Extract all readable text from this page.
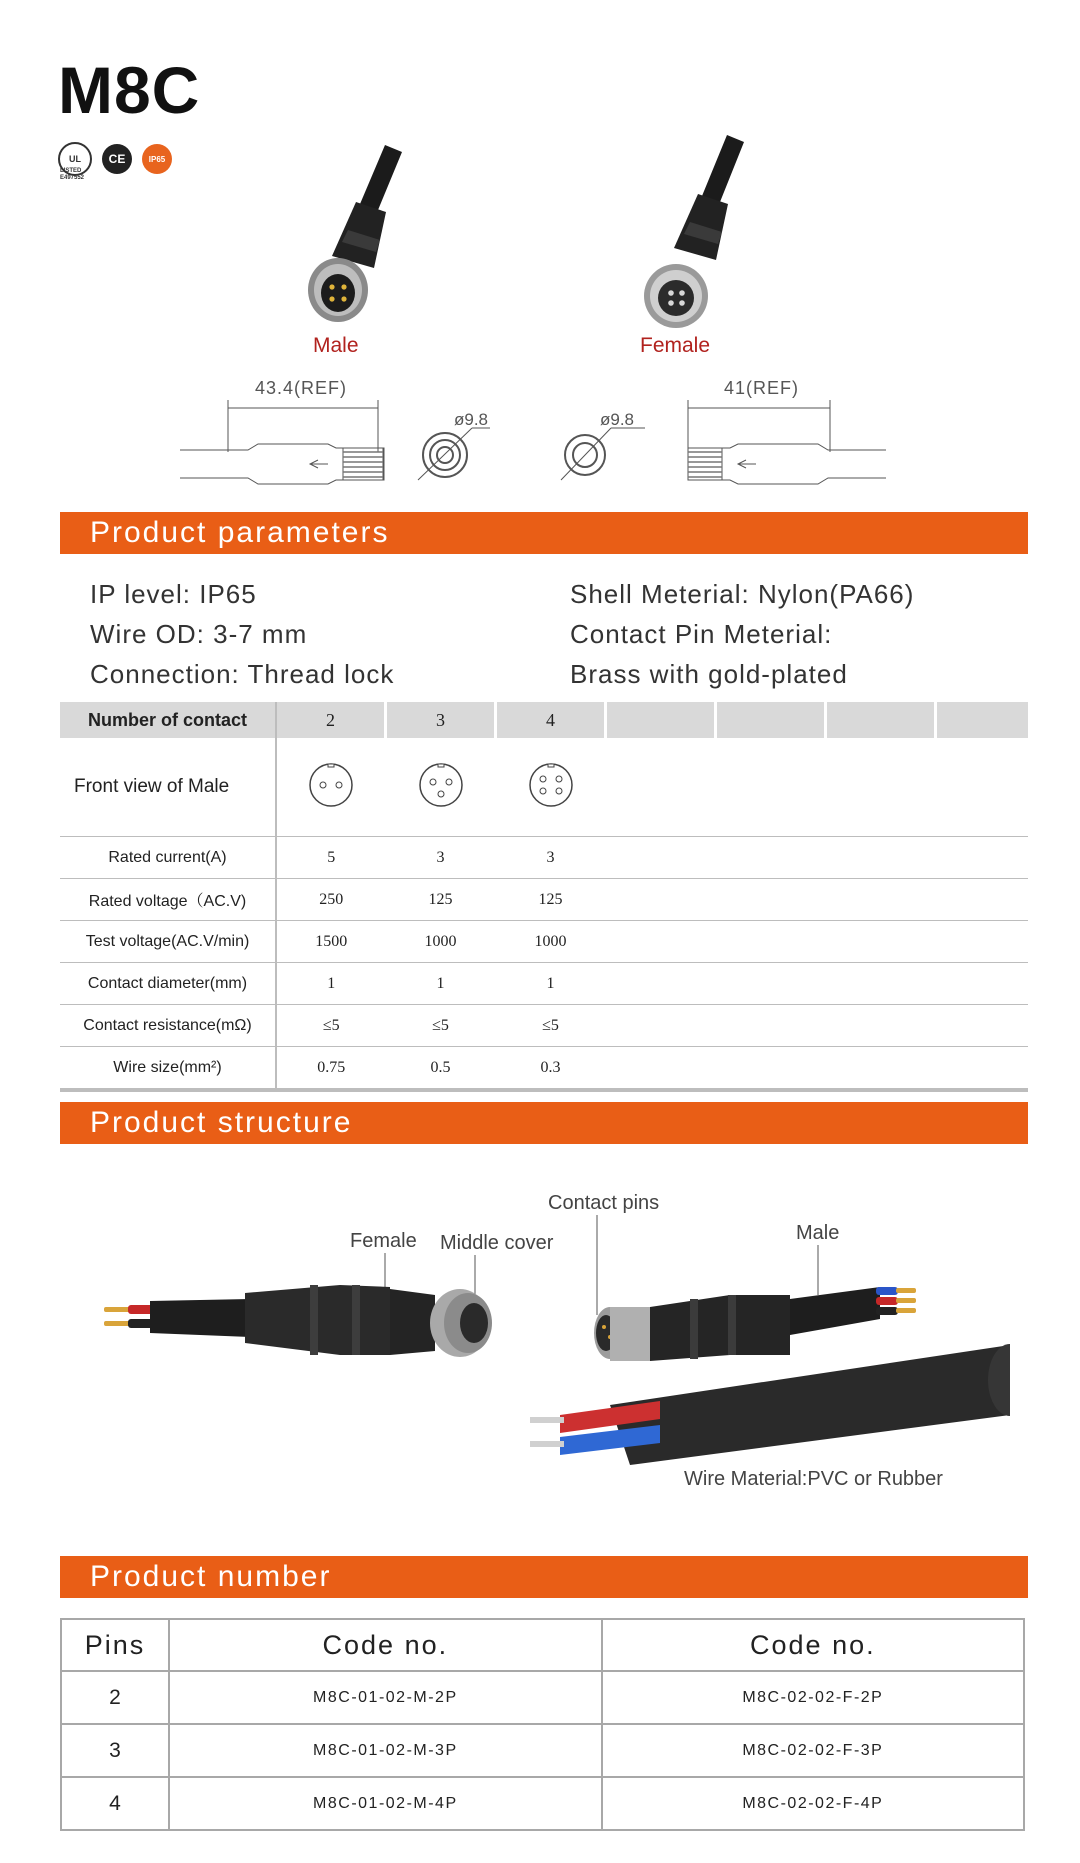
M8C
UL	CE	IP65
LISTED
E497552
Male	Female
43.4(REF)
ø9.8	ø9.8
41(REF)
Product parameters
IP level: IP65
Wire OD: 3-7 mm
Connection: Thread lock
Shell Meterial: Nylon(PA66)
Contact Pin Meterial:
Brass with gold-plated
Number of contact	2	3	4				
Front view of Male							
Rated current(A)	5	3	3				
Rated voltage（AC.V)	250	125	125				
Test voltage(AC.V/min)	1500	1000	1000				
Contact diameter(mm)	1	1	1				
Contact resistance(mΩ)	≤5	≤5	≤5				
Wire size(mm²)	0.75	0.5	0.3				
Product structure
Contact pins
Female Middle cover	Male
Wire Material:PVC or Rubber
Product number
Pins	Code no.	Code no.
2	M8C-01-02-M-2P	M8C-02-02-F-2P
3	M8C-01-02-M-3P	M8C-02-02-F-3P
4	M8C-01-02-M-4P	M8C-02-02-F-4P
